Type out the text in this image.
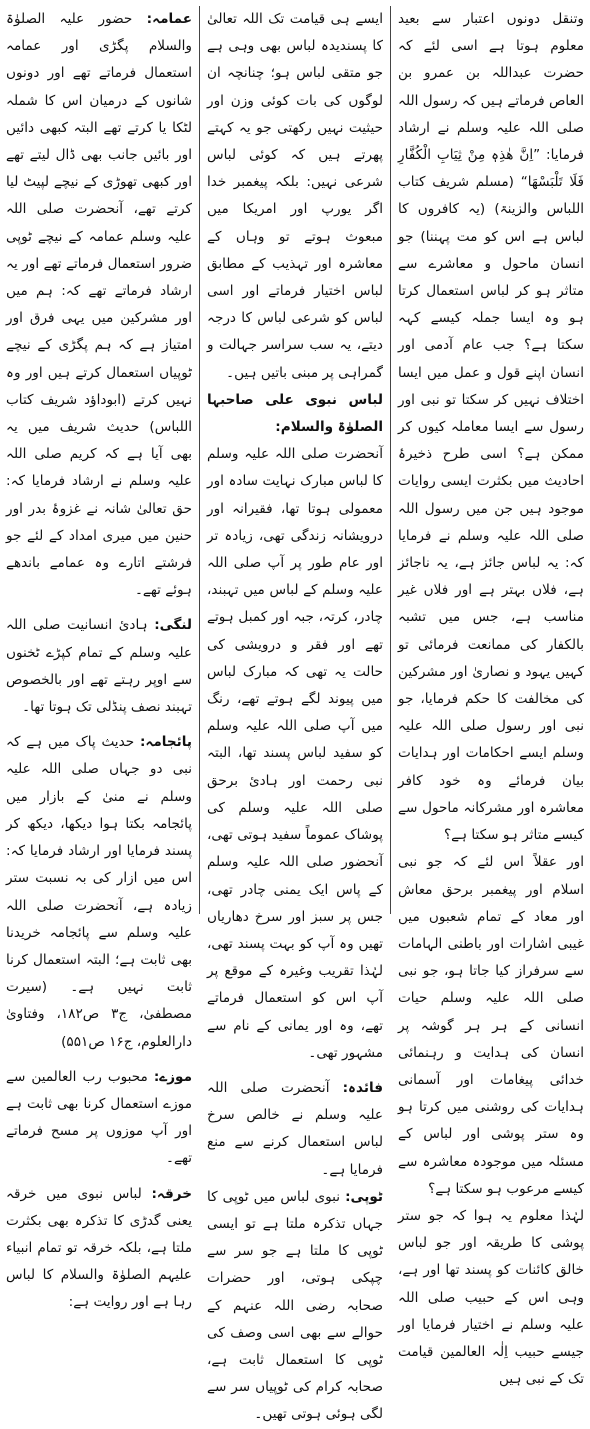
وتنقل دونوں اعتبار سے بعید معلوم ہوتا ہے اسی لئے کہ حضرت عبداللہ بن عمرو بن العاص فرماتے ہیں کہ رسول اللہ صلی اللہ علیہ وسلم نے ارشاد فرمایا: ”اِنَّ ھٰذِہٖ مِنْ ثِیَابِ الْکُفَّارِ فَلَا تَلْبَسْھَا“ (مسلم شریف کتاب اللباس والزینۃ) (یہ کافروں کا لباس ہے اس کو مت پہننا) جو انسان ماحول و معاشرے سے متاثر ہو کر لباس استعمال کرتا ہو وہ ایسا جملہ کیسے کہہ سکتا ہے؟ جب عام آدمی اور انسان اپنے قول و عمل میں ایسا اختلاف نہیں کر سکتا تو نبی اور رسول سے ایسا معاملہ کیوں کر ممکن ہے؟ اسی طرح ذخیرۂ احادیث میں بکثرت ایسی روایات موجود ہیں جن میں رسول اللہ صلی اللہ علیہ وسلم نے فرمایا کہ: یہ لباس جائز ہے، یہ ناجائز ہے، فلاں بہتر ہے اور فلاں غیر مناسب ہے، جس میں تشبہ بالکفار کی ممانعت فرمائی تو کہیں یہود و نصاریٰ اور مشرکین کی مخالفت کا حکم فرمایا، جو نبی اور رسول صلی اللہ علیہ وسلم ایسے احکامات اور ہدایات بیان فرمائے وہ خود کافر معاشرہ اور مشرکانہ ماحول سے کیسے متاثر ہو سکتا ہے؟

اور عقلاً اس لئے کہ جو نبی اسلام اور پیغمبر برحق معاش اور معاد کے تمام شعبوں میں غیبی اشارات اور باطنی الہامات سے سرفراز کیا جاتا ہو، جو نبی صلی اللہ علیہ وسلم حیات انسانی کے ہر ہر گوشہ پر انسان کی ہدایت و رہنمائی خدائی پیغامات اور آسمانی ہدایات کی روشنی میں کرتا ہو وہ ستر پوشی اور لباس کے مسئلہ میں موجودہ معاشرہ سے کیسے مرعوب ہو سکتا ہے؟

لہٰذا معلوم یہ ہوا کہ جو ستر پوشی کا طریقہ اور جو لباس خالق کائنات کو پسند تھا اور ہے، وہی اس کے حبیب صلی اللہ علیہ وسلم نے اختیار فرمایا اور جیسے حبیب اِلٰہ العالمین قیامت تک کے نبی ہیں

ایسے ہی قیامت تک اللہ تعالیٰ کا پسندیدہ لباس بھی وہی ہے جو متقی لباس ہو؛ چنانچہ ان لوگوں کی بات کوئی وزن اور حیثیت نہیں رکھتی جو یہ کہتے پھرتے ہیں کہ کوئی لباس شرعی نہیں: بلکہ پیغمبر خدا اگر یورپ اور امریکا میں مبعوث ہوتے تو وہاں کے معاشرہ اور تہذیب کے مطابق لباس اختیار فرماتے اور اسی لباس کو شرعی لباس کا درجہ دیتے، یہ سب سراسر جہالت و گمراہی پر مبنی باتیں ہیں۔

لباس نبوی علی صاحبہا الصلوٰۃ والسلام:

آنحضرت صلی اللہ علیہ وسلم کا لباس مبارک نہایت سادہ اور معمولی ہوتا تھا، فقیرانہ اور درویشانہ زندگی تھی، زیادہ تر اور عام طور پر آپ صلی اللہ علیہ وسلم کے لباس میں تہبند، چادر، کرتہ، جبہ اور کمبل ہوتے تھے اور فقر و درویشی کی حالت یہ تھی کہ مبارک لباس میں پیوند لگے ہوتے تھے، رنگ میں آپ صلی اللہ علیہ وسلم کو سفید لباس پسند تھا، البتہ نبی رحمت اور ہادیٔ برحق صلی اللہ علیہ وسلم کی پوشاک عموماً سفید ہوتی تھی، آنحضور صلی اللہ علیہ وسلم کے پاس ایک یمنی چادر تھی، جس پر سبز اور سرخ دھاریاں تھیں وہ آپ کو بہت پسند تھی، لہٰذا تقریب وغیرہ کے موقع پر آپ اس کو استعمال فرماتے تھے، وہ اور یمانی کے نام سے مشہور تھی۔

فائدہ: آنحضرت صلی اللہ علیہ وسلم نے خالص سرخ لباس استعمال کرنے سے منع فرمایا ہے۔

ٹوپی: نبوی لباس میں ٹوپی کا جہاں تذکرہ ملتا ہے تو ایسی ٹوپی کا ملتا ہے جو سر سے چپکی ہوتی، اور حضرات صحابہ رضی اللہ عنہم کے حوالے سے بھی اسی وصف کی ٹوپی کا استعمال ثابت ہے، صحابہ کرام کی ٹوپیاں سر سے لگی ہوئی ہوتی تھیں۔

عمامہ: حضور علیہ الصلوٰۃ والسلام پگڑی اور عمامہ استعمال فرماتے تھے اور دونوں شانوں کے درمیان اس کا شملہ لٹکا یا کرتے تھے البتہ کبھی دائیں اور بائیں جانب بھی ڈال لیتے تھے اور کبھی تھوڑی کے نیچے لپیٹ لیا کرتے تھے، آنحضرت صلی اللہ علیہ وسلم عمامہ کے نیچے ٹوپی ضرور استعمال فرماتے تھے اور یہ ارشاد فرماتے تھے کہ: ہم میں اور مشرکین میں یہی فرق اور امتیاز ہے کہ ہم پگڑی کے نیچے ٹوپیاں استعمال کرتے ہیں اور وہ نہیں کرتے (ابوداؤد شریف کتاب اللباس) حدیث شریف میں یہ بھی آیا ہے کہ کریم صلی اللہ علیہ وسلم نے ارشاد فرمایا کہ: حق تعالیٰ شانہ نے غزوۂ بدر اور حنین میں میری امداد کے لئے جو فرشتے اتارے وہ عمامے باندھے ہوئے تھے۔

لنگی: ہادیٔ انسانیت صلی اللہ علیہ وسلم کے تمام کپڑے ٹخنوں سے اوپر رہتے تھے اور بالخصوص تہبند نصف پنڈلی تک ہوتا تھا۔

پائجامہ: حدیث پاک میں ہے کہ نبی دو جہاں صلی اللہ علیہ وسلم نے منیٰ کے بازار میں پائجامہ بکتا ہوا دیکھا، دیکھ کر پسند فرمایا اور ارشاد فرمایا کہ: اس میں ازار کی بہ نسبت ستر زیادہ ہے، آنحضرت صلی اللہ علیہ وسلم سے پائجامہ خریدنا بھی ثابت ہے؛ البتہ استعمال کرنا ثابت نہیں ہے۔ (سیرت مصطفیٰ، ج۳ ص۱۸۲، وفتاویٰ دارالعلوم، ج۱۶ ص۵۵۱)

موزے: محبوب رب العالمین سے موزے استعمال کرنا بھی ثابت ہے اور آپ موزوں پر مسح فرماتے تھے۔

خرقہ: لباس نبوی میں خرقہ یعنی گدڑی کا تذکرہ بھی بکثرت ملتا ہے، بلکہ خرقہ تو تمام انبیاء علیہم الصلوٰۃ والسلام کا لباس رہا ہے اور روایت ہے:
